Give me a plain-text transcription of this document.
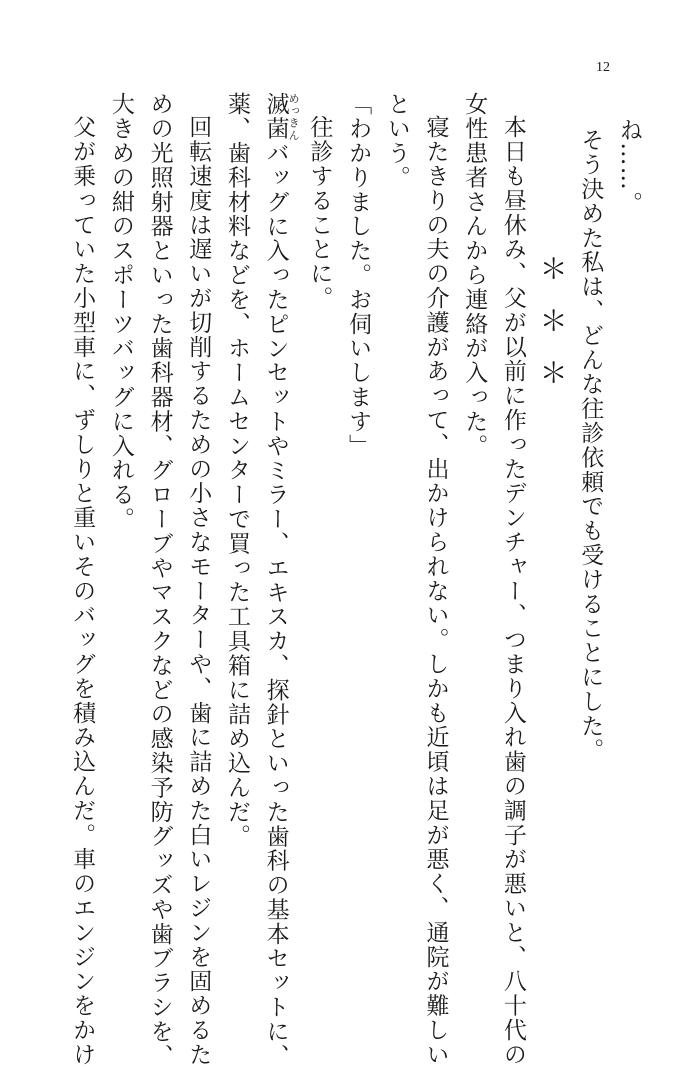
12
ね……。
そう決めた私は、どんな往診依頼でも受けることにした。
＊＊＊
本日も昼休み、父が以前に作ったデンチャー、つまり入れ歯の調子が悪いと、八十代の
女性患者さんから連絡が入った。
寝たきりの夫の介護があって、出かけられない。しかも近頃は足が悪く、通院が難しい
という。
「わかりました。お伺いします」
往診することに。
滅菌めっきんバッグに入ったピンセットやミラー、エキスカ、探針といった歯科の基本セットに、
薬、歯科材料などを、ホームセンターで買った工具箱に詰め込んだ。
回転速度は遅いが切削するための小さなモーターや、歯に詰めた白いレジンを固めるた
めの光照射器といった歯科器材、グローブやマスクなどの感染予防グッズや歯ブラシを、
大きめの紺のスポーツバッグに入れる。
父が乗っていた小型車に、ずしりと重いそのバッグを積み込んだ。車のエンジンをかけ
